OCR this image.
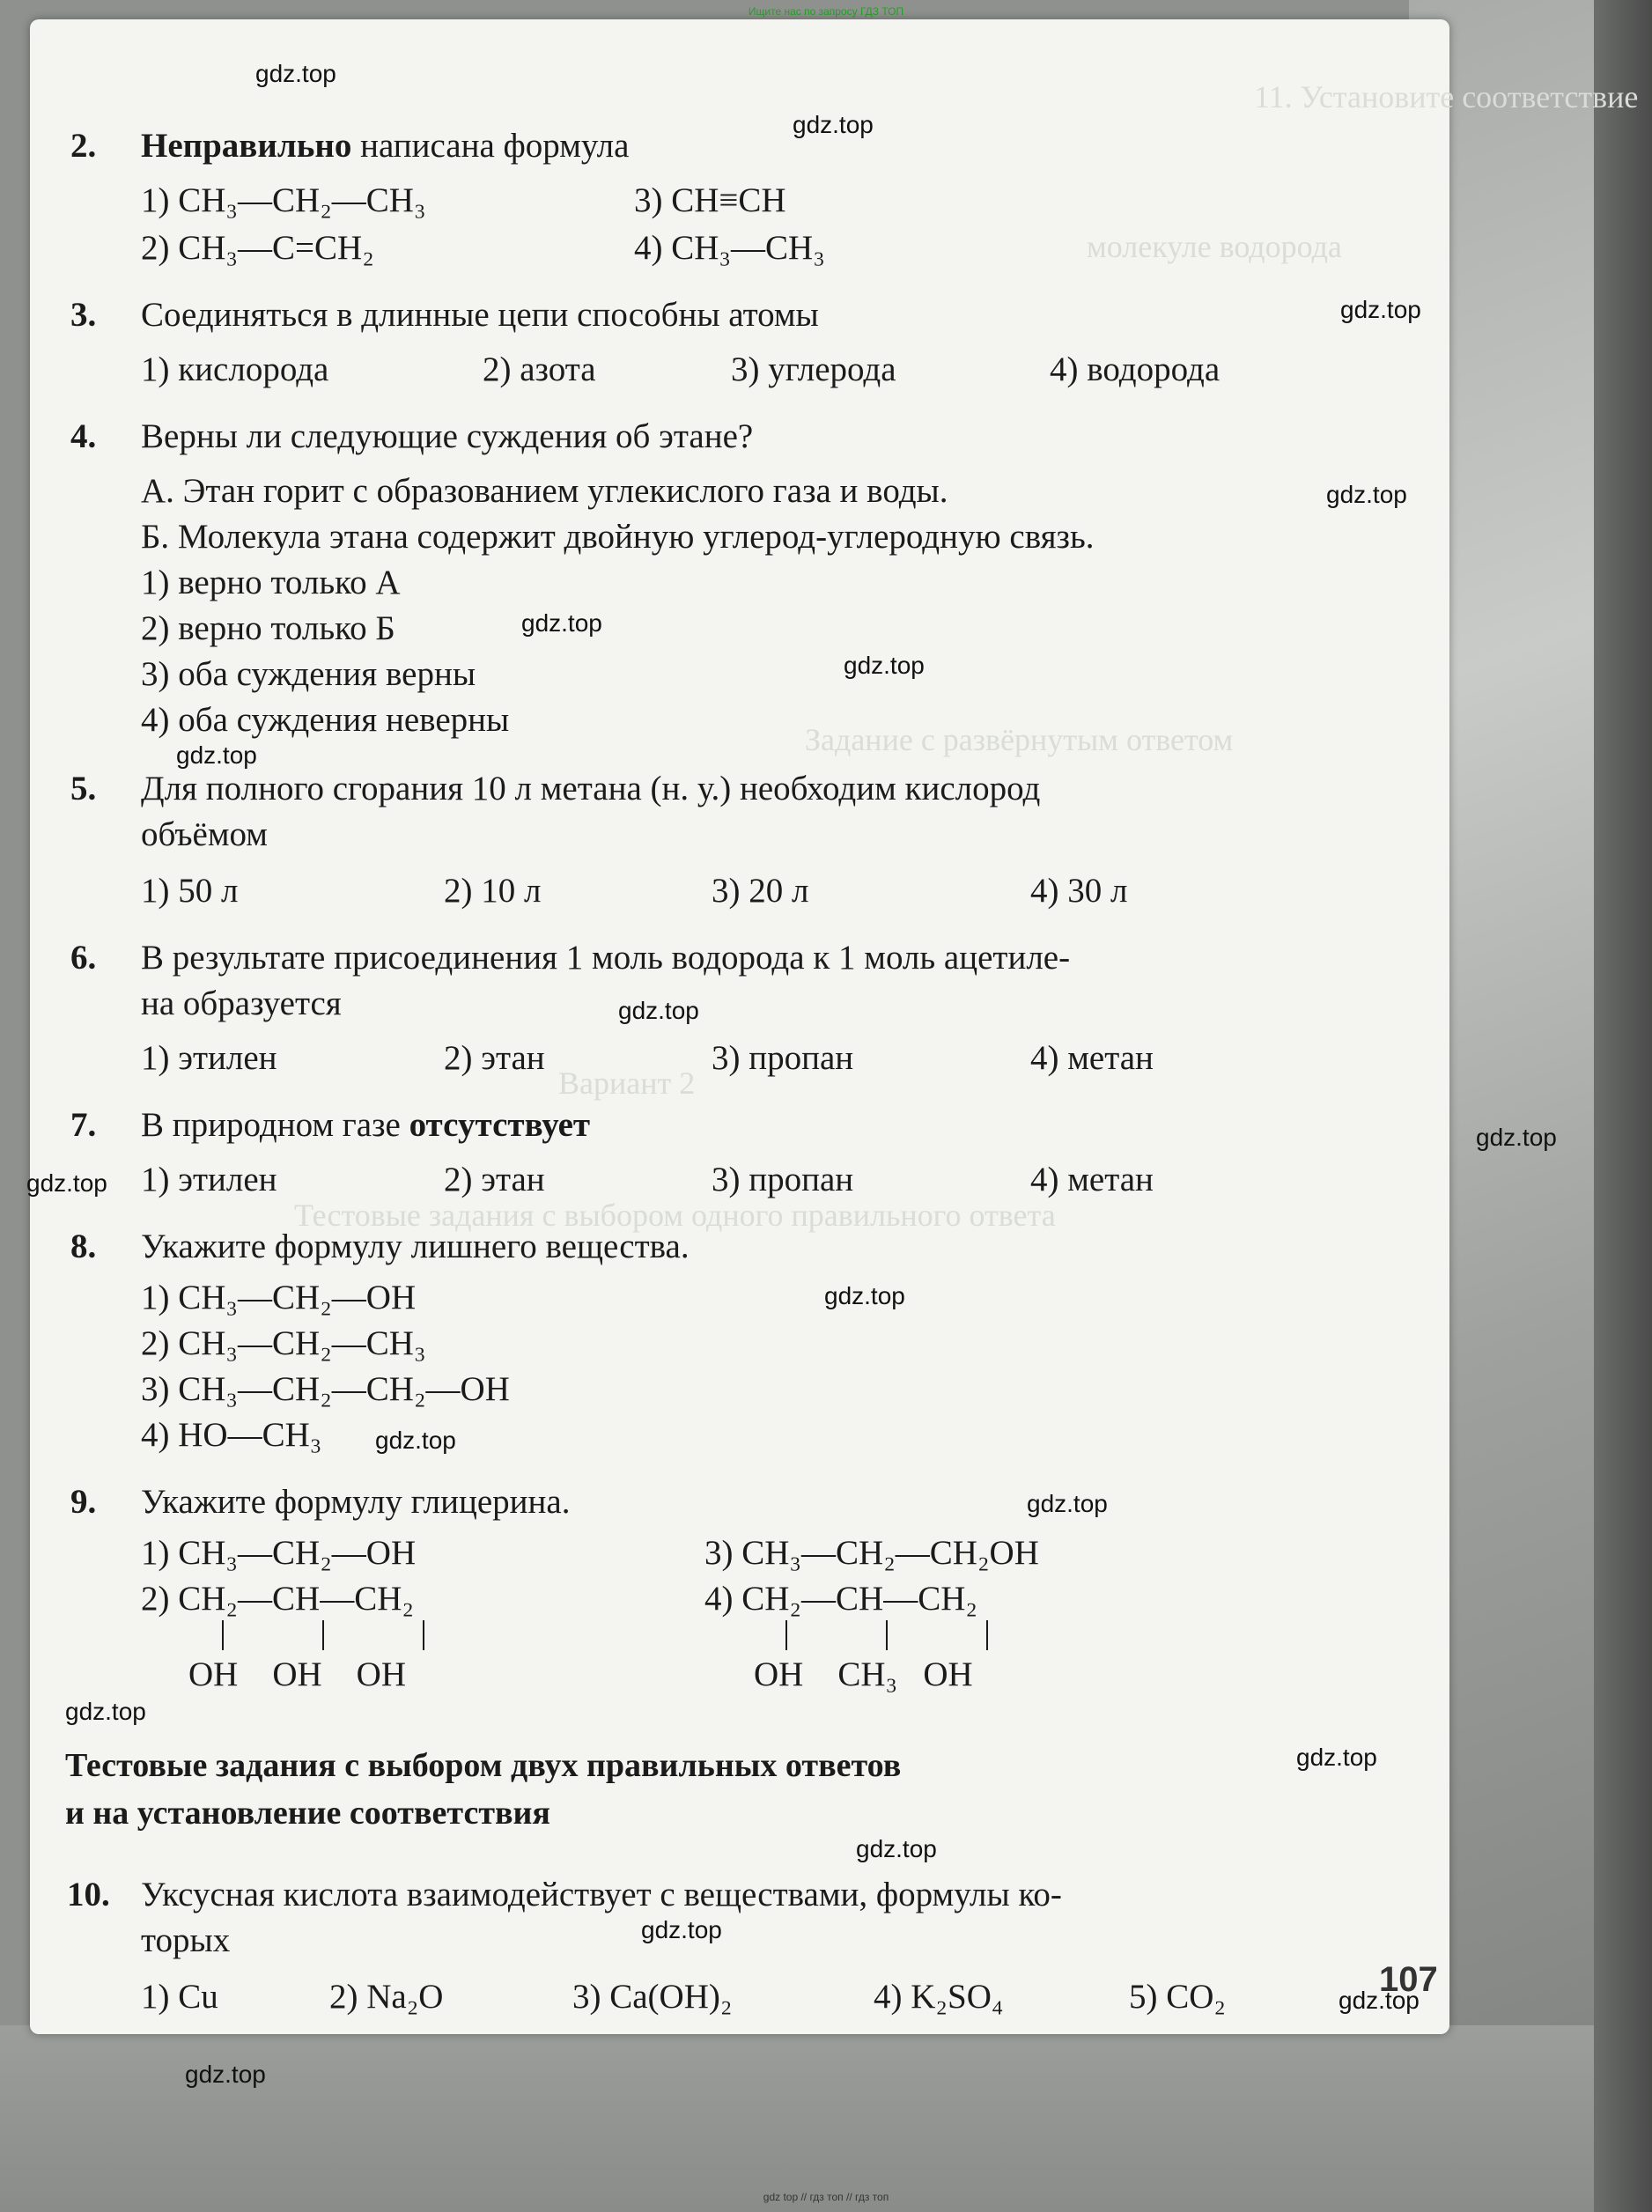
Ищите нас по запросу ГДЗ ТОП
11. Установите соответствие
молекуле водорода
Задание с развёрнутым ответом
Вариант 2
Тестовые задания с выбором одного правильного ответа
2. Неправильно написана формула
1) CH₃—CH₂—CH₃	3) CH≡CH
2) CH₃—C=CH₂	4) CH₃—CH₃
3. Соединяться в длинные цепи способны атомы
1) кислорода	2) азота	3) углерода	4) водорода
4. Верны ли следующие суждения об этане?
А. Этан горит с образованием углекислого газа и воды.
Б. Молекула этана содержит двойную углерод-углеродную связь.
1) верно только А
2) верно только Б
3) оба суждения верны
4) оба суждения неверны
5. Для полного сгорания 10 л метана (н. у.) необходим кислород
объёмом
1) 50 л	2) 10 л	3) 20 л	4) 30 л
6. В результате присоединения 1 моль водорода к 1 моль ацетиле-
на образуется
1) этилен	2) этан	3) пропан	4) метан
7. В природном газе отсутствует
1) этилен	2) этан	3) пропан	4) метан
8. Укажите формулу лишнего вещества.
1) CH₃—CH₂—OH
2) CH₃—CH₂—CH₃
3) CH₃—CH₂—CH₂—OH
4) HO—CH₃
9. Укажите формулу глицерина.
1) CH₃—CH₂—OH	3) CH₃—CH₂—CH₂OH
2) CH₂—CH—CH₂	4) CH₂—CH—CH₂
OH    OH    OH	OH    CH₃   OH
Тестовые задания с выбором двух правильных ответов
и на установление соответствия
10. Уксусная кислота взаимодействует с веществами, формулы ко-
торых
1) Cu	2) Na₂O	3) Ca(OH)₂	4) K₂SO₄	5) CO₂	107
gdz.top
gdz.top
gdz.top
gdz.top
gdz.top
gdz.top
gdz.top
gdz.top
gdz.top
gdz.top
gdz.top
gdz.top
gdz.top
gdz.top
gdz.top
gdz.top
gdz.top
gdz.top
gdz.top
gdz top // гдз топ // гдз топ
